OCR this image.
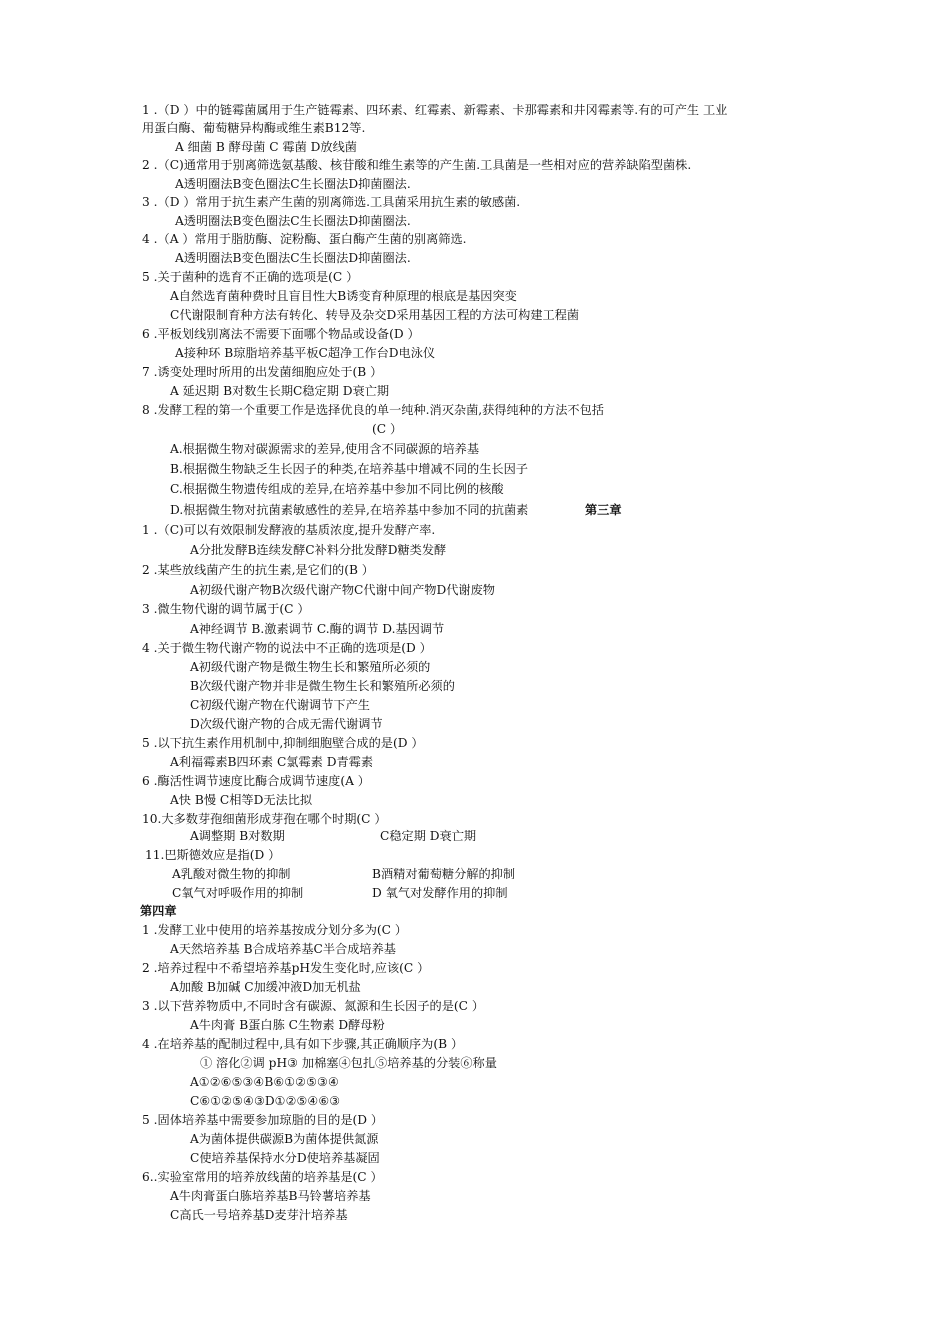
1 .（D ）中的链霉菌属用于生产链霉素、四环素、红霉素、新霉素、卡那霉素和井冈霉素等.有的可产生 工业
用蛋白酶、葡萄糖异构酶或维生素B12等.
A 细菌 B 酵母菌 C 霉菌 D放线菌
2 .（C)通常用于别离筛选氨基酸、核苷酸和维生素等的产生菌.工具菌是一些相对应的营养缺陷型菌株.
A透明圈法B变色圈法C生长圈法D抑菌圈法.
3 .（D ）常用于抗生素产生菌的别离筛选.工具菌采用抗生素的敏感菌.
A透明圈法B变色圈法C生长圈法D抑菌圈法.
4 .（A ）常用于脂肪酶、淀粉酶、蛋白酶产生菌的别离筛选.
A透明圈法B变色圈法C生长圈法D抑菌圈法.
5 .关于菌种的选育不正确的选项是(C ）
A自然选育菌种费时且盲目性大B诱变育种原理的根底是基因突变
C代谢限制育种方法有转化、转导及杂交D采用基因工程的方法可构建工程菌
6 .平板划线别离法不需要下面哪个物品或设备(D ）
A接种环 B琼脂培养基平板C超净工作台D电泳仪
7 .诱变处理时所用的出发菌细胞应处于(B ）
A 延迟期 B对数生长期C稳定期 D衰亡期
8 .发酵工程的第一个重要工作是选择优良的单一纯种.消灭杂菌,获得纯种的方法不包括
(C ）
A.根据微生物对碳源需求的差异,使用含不同碳源的培养基
B.根据微生物缺乏生长因子的种类,在培养基中增减不同的生长因子
C.根据微生物遗传组成的差异,在培养基中参加不同比例的核酸
D.根据微生物对抗菌素敏感性的差异,在培养基中参加不同的抗菌素	第三章
1 .（C)可以有效限制发酵液的基质浓度,提升发酵产率.
A分批发酵B连续发酵C补料分批发酵D糖类发酵
2 .某些放线菌产生的抗生素,是它们的(B ）
A初级代谢产物B次级代谢产物C代谢中间产物D代谢废物
3 .微生物代谢的调节属于(C ）
A神经调节 B.激素调节 C.酶的调节 D.基因调节
4 .关于微生物代谢产物的说法中不正确的选项是(D ）
A初级代谢产物是微生物生长和繁殖所必须的
B次级代谢产物并非是微生物生长和繁殖所必须的
C初级代谢产物在代谢调节下产生
D次级代谢产物的合成无需代谢调节
5 .以下抗生素作用机制中,抑制细胞壁合成的是(D ）
A利福霉素B四环素 C氯霉素 D青霉素
6 .酶活性调节速度比酶合成调节速度(A ）
A快 B慢 C相等D无法比拟
10.大多数芽孢细菌形成芽孢在哪个时期(C ）
A调整期 B对数期	C稳定期 D衰亡期
11.巴斯德效应是指(D ）
A乳酸对微生物的抑制	B酒精对葡萄糖分解的抑制
C氧气对呼吸作用的抑制	D 氧气对发酵作用的抑制
第四章
1 .发酵工业中使用的培养基按成分划分多为(C ）
A天然培养基 B合成培养基C半合成培养基
2 .培养过程中不希望培养基pH发生变化时,应该(C ）
A加酸 B加碱 C加缓冲液D加无机盐
3 .以下营养物质中,不同时含有碳源、氮源和生长因子的是(C ）
A牛肉膏 B蛋白胨 C生物素 D酵母粉
4 .在培养基的配制过程中,具有如下步骤,其正确顺序为(B ）
① 溶化②调 pH③ 加棉塞④包扎⑤培养基的分装⑥称量
A①②⑥⑤③④B⑥①②⑤③④
C⑥①②⑤④③D①②⑤④⑥③
5 .固体培养基中需要参加琼脂的目的是(D ）
A为菌体提供碳源B为菌体提供氮源
C使培养基保持水分D使培养基凝固
6..实验室常用的培养放线菌的培养基是(C ）
A牛肉膏蛋白胨培养基B马铃薯培养基
C高氏一号培养基D麦芽汁培养基
